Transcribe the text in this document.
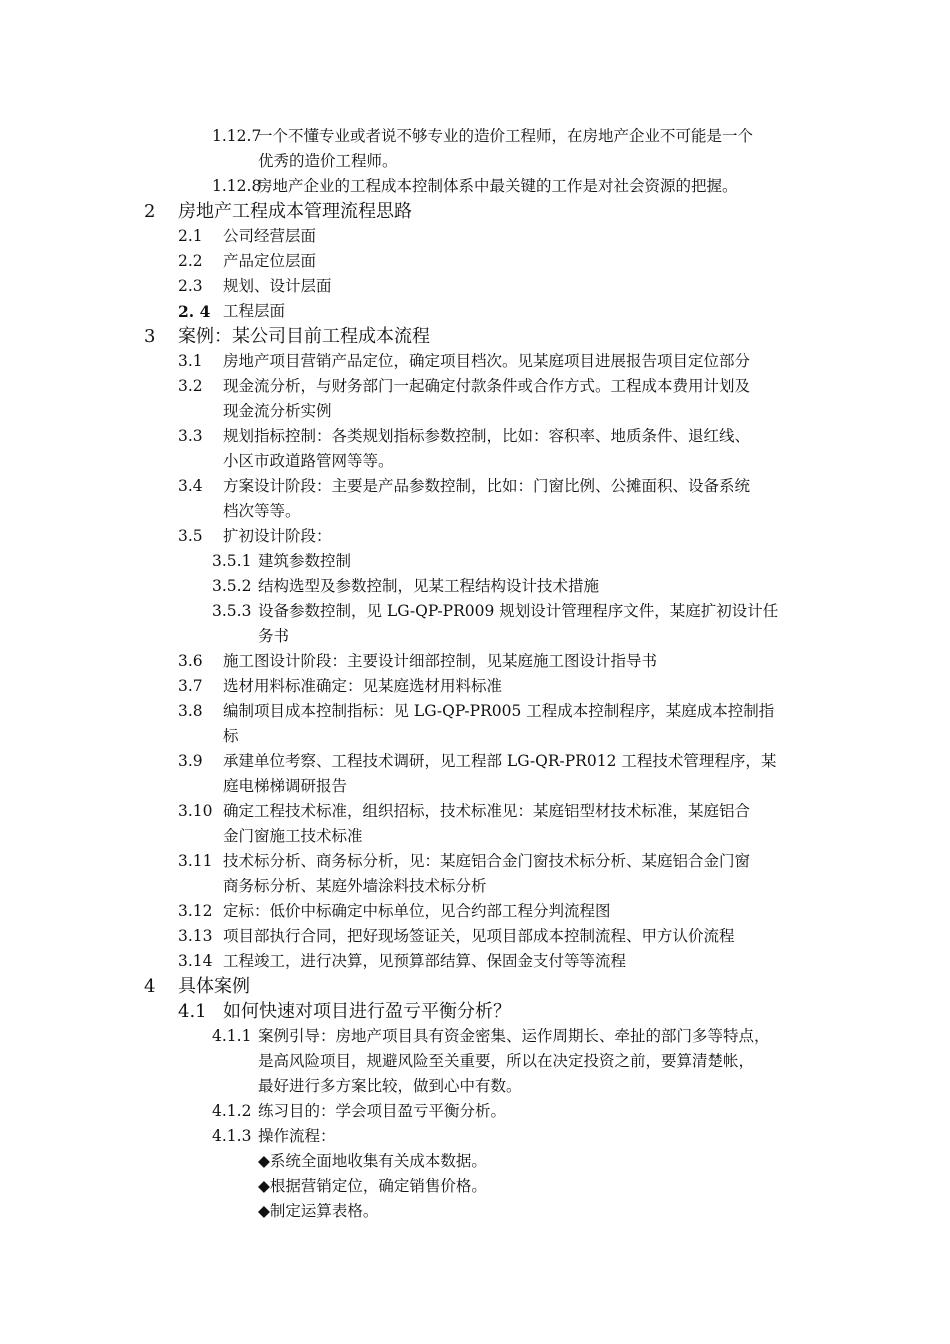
1.12.7
一个不懂专业或者说不够专业的造价工程师，在房地产企业不可能是一个
优秀的造价工程师。
1.12.8
房地产企业的工程成本控制体系中最关键的工作是对社会资源的把握。
2 房地产工程成本管理流程思路
2.1 公司经营层面
2.2 产品定位层面
2.3 规划、设计层面
2. 4 工程层面
3 案例：某公司目前工程成本流程
3.1 房地产项目营销产品定位，确定项目档次。见某庭项目进展报告项目定位部分
3.2 现金流分析，与财务部门一起确定付款条件或合作方式。工程成本费用计划及
现金流分析实例
3.3 规划指标控制：各类规划指标参数控制，比如：容积率、地质条件、退红线、
小区市政道路管网等等。
3.4 方案设计阶段：主要是产品参数控制，比如：门窗比例、公摊面积、设备系统
档次等等。
3.5 扩初设计阶段：
3.5.1 建筑参数控制
3.5.2 结构选型及参数控制，见某工程结构设计技术措施
3.5.3 设备参数控制，见 LG-QP-PR009 规划设计管理程序文件，某庭扩初设计任
务书
3.6 施工图设计阶段：主要设计细部控制，见某庭施工图设计指导书
3.7 选材用料标准确定：见某庭选材用料标准
3.8 编制项目成本控制指标：见 LG-QP-PR005 工程成本控制程序，某庭成本控制指
标
3.9 承建单位考察、工程技术调研，见工程部 LG-QR-PR012 工程技术管理程序，某
庭电梯梯调研报告
3.10 确定工程技术标准，组织招标，技术标准见：某庭铝型材技术标准，某庭铝合
金门窗施工技术标准
3.11 技术标分析、商务标分析，见：某庭铝合金门窗技术标分析、某庭铝合金门窗
商务标分析、某庭外墙涂料技术标分析
3.12 定标：低价中标确定中标单位，见合约部工程分判流程图
3.13 项目部执行合同，把好现场签证关，见项目部成本控制流程、甲方认价流程
3.14 工程竣工，进行决算，见预算部结算、保固金支付等等流程
4 具体案例
4.1 如何快速对项目进行盈亏平衡分析？
4.1.1 案例引导：房地产项目具有资金密集、运作周期长、牵扯的部门多等特点，
是高风险项目，规避风险至关重要，所以在决定投资之前，要算清楚帐，
最好进行多方案比较，做到心中有数。
4.1.2 练习目的：学会项目盈亏平衡分析。
4.1.3 操作流程：
◆系统全面地收集有关成本数据。
◆根据营销定位，确定销售价格。
◆制定运算表格。
